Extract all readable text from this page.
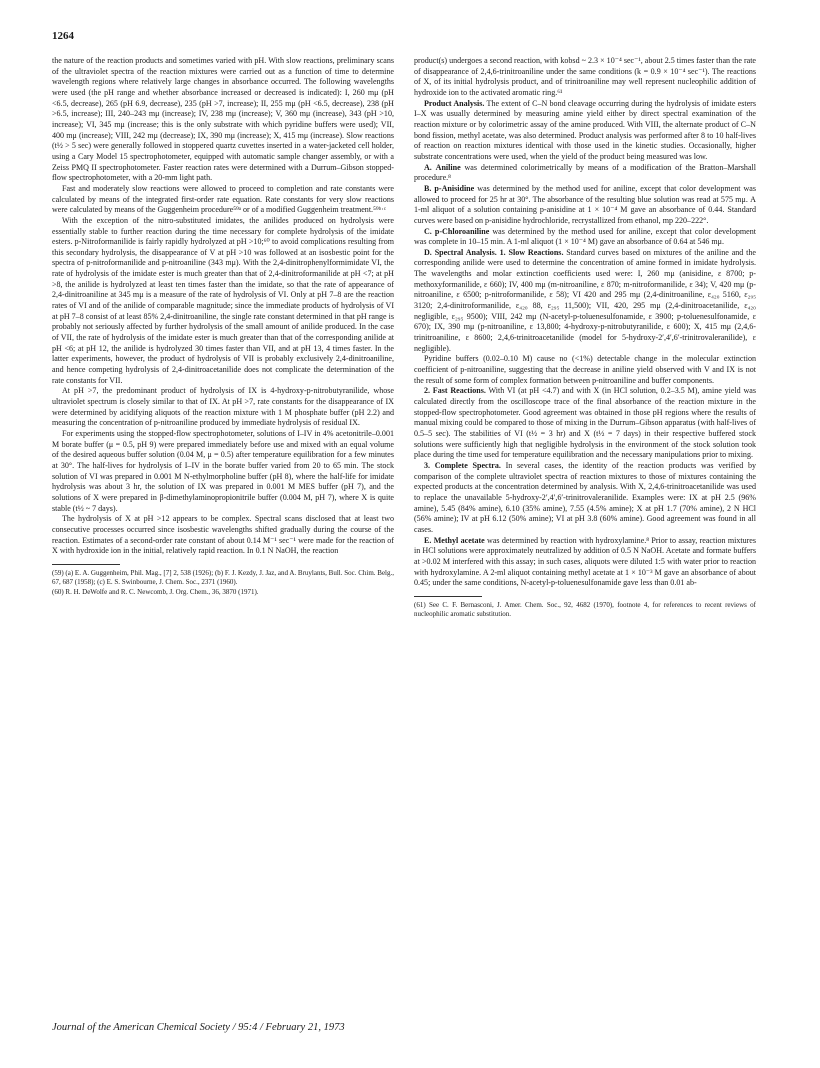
1264

the nature of the reaction products and sometimes varied with pH. With slow reactions, preliminary scans of the ultraviolet spectra of the reaction mixtures were carried out as a function of time to determine wavelength regions where relatively large changes in absorbance occurred. The following wavelengths were used (the pH range and whether absorbance increased or decreased is indicated): I, 260 mμ (pH <6.5, decrease), 265 (pH 6.9, decrease), 235 (pH >7, increase); II, 255 mμ (pH <6.5, decrease), 238 (pH >6.5, increase); III, 240–243 mμ (increase); IV, 238 mμ (increase); V, 360 mμ (increase), 343 (pH >10, increase); VI, 345 mμ (increase; this is the only substrate with which pyridine buffers were used); VII, 400 mμ (increase); VIII, 242 mμ (decrease); IX, 390 mμ (increase); X, 415 mμ (increase). Slow reactions (t½ > 5 sec) were generally followed in stoppered quartz cuvettes inserted in a water-jacketed cell holder, using a Cary Model 15 spectrophotometer, equipped with automatic sample changer assembly, or with a Zeiss PMQ II spectrophotometer. Faster reaction rates were determined with a Durrum–Gibson stopped-flow spectrophotometer, with a 20-mm light path.

Fast and moderately slow reactions were allowed to proceed to completion and rate constants were calculated by means of the integrated first-order rate equation. Rate constants for very slow reactions were calculated by means of the Guggenheim procedure⁵⁹ᵃ or of a modified Guggenheim treatment.⁵⁹ᵇ·ᶜ

With the exception of the nitro-substituted imidates, the anilides produced on hydrolysis were essentially stable to further reaction during the time necessary for complete hydrolysis of the imidate esters. p-Nitroformanilide is fairly rapidly hydrolyzed at pH >10;⁶⁰ to avoid complications resulting from this secondary hydrolysis, the disappearance of V at pH >10 was followed at an isosbestic point for the spectra of p-nitroformanilide and p-nitroaniline (343 mμ). With the 2,4-dinitrophenylformimidate VI, the rate of hydrolysis of the imidate ester is much greater than that of 2,4-dinitroformanilide at pH <7; at pH >8, the anilide is hydrolyzed at least ten times faster than the imidate, so that the rate of appearance of 2,4-dinitroaniline at 345 mμ is a measure of the rate of hydrolysis of VI. Only at pH 7–8 are the reaction rates of VI and of the anilide of comparable magnitude; since the immediate products of hydrolysis of VI at pH 7–8 consist of at least 85% 2,4-dinitroaniline, the single rate constant determined in that pH range is probably not seriously affected by further hydrolysis of the small amount of anilide produced. In the case of VII, the rate of hydrolysis of the imidate ester is much greater than that of the corresponding anilide at pH <6; at pH 12, the anilide is hydrolyzed 30 times faster than VII, and at pH 13, 4 times faster. In the latter experiments, however, the product of hydrolysis of VII is probably exclusively 2,4-dinitroaniline, and hence competing hydrolysis of 2,4-dinitroacetanilide does not complicate the determination of the rate constants for VII.

At pH >7, the predominant product of hydrolysis of IX is 4-hydroxy-p-nitrobutyranilide, whose ultraviolet spectrum is closely similar to that of IX. At pH >7, rate constants for the disappearance of IX were determined by acidifying aliquots of the reaction mixture with 1 M phosphate buffer (pH 2.2) and measuring the concentration of p-nitroaniline produced by immediate hydrolysis of residual IX.

For experiments using the stopped-flow spectrophotometer, solutions of I–IV in 4% acetonitrile–0.001 M borate buffer (μ = 0.5, pH 9) were prepared immediately before use and mixed with an equal volume of the desired aqueous buffer solution (0.04 M, μ = 0.5) after temperature equilibration for a few minutes at 30°. The half-lives for hydrolysis of I–IV in the borate buffer varied from 20 to 65 min. The stock solution of VI was prepared in 0.001 M N-ethylmorpholine buffer (pH 8), where the half-life for imidate hydrolysis was about 3 hr, the solution of IX was prepared in 0.001 M MES buffer (pH 7), and the solutions of X were prepared in β-dimethylaminopropionitrile buffer (0.004 M, pH 7), where X is quite stable (t½ ~ 7 days).

The hydrolysis of X at pH >12 appears to be complex. Spectral scans disclosed that at least two consecutive processes occurred since isosbestic wavelengths shifted gradually during the course of the reaction. Estimates of a second-order rate constant of about 0.14 M⁻¹ sec⁻¹ were made for the reaction of X with hydroxide ion in the initial, relatively rapid reaction. In 0.1 N NaOH, the reaction

(59) (a) E. A. Guggenheim, Phil. Mag., [7] 2, 538 (1926); (b) F. J. Kezdy, J. Jaz, and A. Bruylants, Bull. Soc. Chim. Belg., 67, 687 (1958); (c) E. S. Swinbourne, J. Chem. Soc., 2371 (1960).

(60) R. H. DeWolfe and R. C. Newcomb, J. Org. Chem., 36, 3870 (1971).

product(s) undergoes a second reaction, with kobsd ~ 2.3 × 10⁻⁴ sec⁻¹, about 2.5 times faster than the rate of disappearance of 2,4,6-trinitroaniline under the same conditions (k = 0.9 × 10⁻⁴ sec⁻¹). The reactions of X, of its initial hydrolysis product, and of trinitroaniline may well represent nucleophilic addition of hydroxide ion to the activated aromatic ring.⁶¹

Product Analysis. The extent of C–N bond cleavage occurring during the hydrolysis of imidate esters I–X was usually determined by measuring amine yield either by direct spectral examination of the reaction mixture or by colorimetric assay of the amine produced. With VIII, the alternate product of C–N bond fission, methyl acetate, was also determined. Product analysis was performed after 8 to 10 half-lives of reaction on reaction mixtures identical with those used in the kinetic studies. Occasionally, higher substrate concentrations were used, when the yield of the product being measured was low.

A. Aniline was determined colorimetrically by means of a modification of the Bratton–Marshall procedure.⁸

B. p-Anisidine was determined by the method used for aniline, except that color development was allowed to proceed for 25 hr at 30°. The absorbance of the resulting blue solution was read at 575 mμ. A 1-ml aliquot of a solution containing p-anisidine at 1 × 10⁻⁴ M gave an absorbance of 0.44. Standard curves were based on p-anisidine hydrochloride, recrystallized from ethanol, mp 220–222°.

C. p-Chloroaniline was determined by the method used for aniline, except that color development was complete in 10–15 min. A 1-ml aliquot (1 × 10⁻⁴ M) gave an absorbance of 0.64 at 546 mμ.

D. Spectral Analysis. 1. Slow Reactions. Standard curves based on mixtures of the aniline and the corresponding anilide were used to determine the concentration of amine formed in imidate hydrolysis. The wavelengths and molar extinction coefficients used were: I, 260 mμ (anisidine, ε 8700; p-methoxyformanilide, ε 660); IV, 400 mμ (m-nitroaniline, ε 870; m-nitroformanilide, ε 34); V, 420 mμ (p-nitroaniline, ε 6500; p-nitroformanilide, ε 58); VI 420 and 295 mμ (2,4-dinitroaniline, ε₄₂₀ 5160, ε₂₉₅ 3120; 2,4-dinitroformanilide, ε₄₂₀ 88, ε₂₉₅ 11,500); VII, 420, 295 mμ (2,4-dinitroacetanilide, ε₄₂₀ negligible, ε₂₉₅ 9500); VIII, 242 mμ (N-acetyl-p-toluenesulfonamide, ε 3900; p-toluenesulfonamide, ε 670); IX, 390 mμ (p-nitroaniline, ε 13,800; 4-hydroxy-p-nitrobutyranilide, ε 600); X, 415 mμ (2,4,6-trinitroaniline, ε 8600; 2,4,6-trinitroacetanilide (model for 5-hydroxy-2′,4′,6′-trinitrovaleranilide), ε negligible).

Pyridine buffers (0.02–0.10 M) cause no (<1%) detectable change in the molecular extinction coefficient of p-nitroaniline, suggesting that the decrease in aniline yield observed with V and IX is not the result of some form of complex formation between p-nitroaniline and buffer components.

2. Fast Reactions. With VI (at pH <4.7) and with X (in HCl solution, 0.2–3.5 M), amine yield was calculated directly from the oscilloscope trace of the final absorbance of the reaction mixture in the stopped-flow spectrophotometer. Good agreement was obtained in those pH regions where the results of manual mixing could be compared to those of mixing in the Durrum–Gibson apparatus (with half-lives of 0.5–5 sec). The stabilities of VI (t½ = 3 hr) and X (t½ = 7 days) in their respective buffered stock solutions were sufficiently high that negligible hydrolysis in the environment of the stock solution took place during the time used for temperature equilibration and the necessary manipulations prior to mixing.

3. Complete Spectra. In several cases, the identity of the reaction products was verified by comparison of the complete ultraviolet spectra of reaction mixtures to those of mixtures containing the expected products at the concentration determined by analysis. With X, 2,4,6-trinitroacetanilide was used to replace the unavailable 5-hydroxy-2′,4′,6′-trinitrovaleranilide. Examples were: IX at pH 2.5 (96% amine), 5.45 (84% amine), 6.10 (35% amine), 7.55 (4.5% amine); X at pH 1.7 (70% amine), 2 N HCl (56% amine); IV at pH 6.12 (50% amine); VI at pH 3.8 (60% amine). Good agreement was found in all cases.

E. Methyl acetate was determined by reaction with hydroxylamine.⁸ Prior to assay, reaction mixtures in HCl solutions were approximately neutralized by addition of 0.5 N NaOH. Acetate and formate buffers at >0.02 M interfered with this assay; in such cases, aliquots were diluted 1:5 with water prior to reaction with hydroxylamine. A 2-ml aliquot containing methyl acetate at 1 × 10⁻³ M gave an absorbance of about 0.45; under the same conditions, N-acetyl-p-toluenesulfonamide gave less than 0.01 ab-

(61) See C. F. Bernasconi, J. Amer. Chem. Soc., 92, 4682 (1970), footnote 4, for references to recent reviews of nucleophilic aromatic substitution.

Journal of the American Chemical Society / 95:4 / February 21, 1973
